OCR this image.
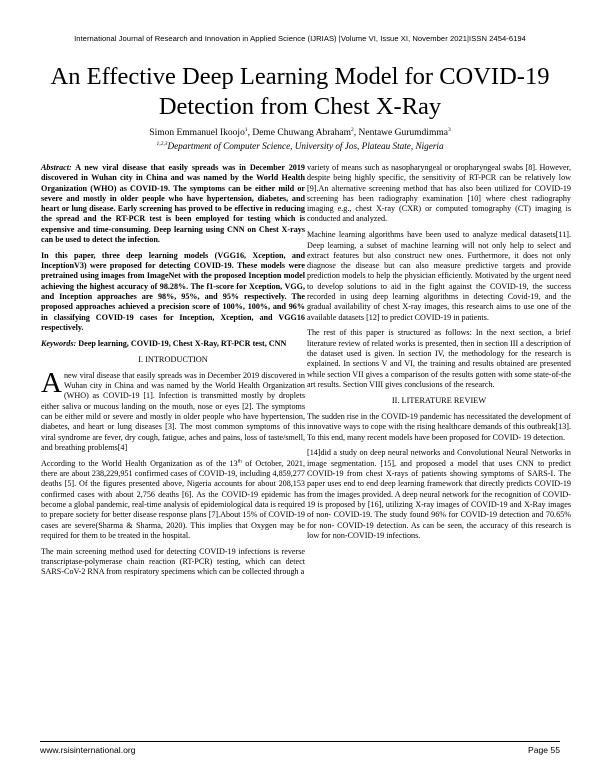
International Journal of Research and Innovation in Applied Science (IJRIAS) |Volume VI, Issue XI, November 2021|ISSN 2454-6194
An Effective Deep Learning Model for COVID-19
Detection from Chest X-Ray
Simon Emmanuel Ikoojo$^1$, Deme Chuwang Abraham$^2$, Nentawe Gurumdimma$^3$
$^{1,2,3}$Department of Computer Science, University of Jos, Plateau State, Nigeria

Abstract: A new viral disease that easily spreads was in December 2019 discovered in Wuhan city in China and was named by the World Health Organization (WHO) as COVID-19. The symptoms can be either mild or severe and mostly in older people who have hypertension, diabetes, and heart or lung disease. Early screening has proved to be effective in reducing the spread and the RT-PCR test is been employed for testing which is expensive and time-consuming. Deep learning using CNN on Chest X-rays can be used to detect the infection.

In this paper, three deep learning models (VGG16, Xception, and InceptionV3) were proposed for detecting COVID-19. These models were pretrained using images from ImageNet with the proposed Inception model achieving the highest accuracy of 98.28%. The f1-score for Xception, VGG, and Inception approaches are 98%, 95%, and 95% respectively. The proposed approaches achieved a precision score of 100%, 100%, and 96% in classifying COVID-19 cases for Inception, Xception, and VGG16 respectively.

Keywords: Deep learning, COVID-19, Chest X-Ray, RT-PCR test, CNN

I. INTRODUCTION

Anew viral disease that easily spreads was in December 2019 discovered in Wuhan city in China and was named by the World Health Organization (WHO) as COVID-19 [1]. Infection is transmitted mostly by droplets either saliva or mucous landing on the mouth, nose or eyes [2]. The symptoms can be either mild or severe and mostly in older people who have hypertension, diabetes, and heart or lung diseases [3]. The most common symptoms of this viral syndrome are fever, dry cough, fatigue, aches and pains, loss of taste/smell, and breathing problems[4]

According to the World Health Organization as of the 13th of October, 2021, there are about 238,229,951 confirmed cases of COVID-19, including 4,859,277 deaths [5]. Of the figures presented above, Nigeria accounts for about 208,153 confirmed cases with about 2,756 deaths [6]. As the COVID-19 epidemic has become a global pandemic, real-time analysis of epidemiological data is required to prepare society for better disease response plans [7].About 15% of COVID-19 cases are severe(Sharma & Sharma, 2020). This implies that Oxygen may be required for them to be treated in the hospital.

The main screening method used for detecting COVID-19 infections is reverse transcriptase-polymerase chain reaction (RT-PCR) testing, which can detect SARS-CoV-2 RNA from respiratory specimens which can be collected through a

variety of means such as nasopharyngeal or oropharyngeal swabs [8]. However, despite being highly specific, the sensitivity of RT-PCR can be relatively low [9].An alternative screening method that has also been utilized for COVID-19 screening has been radiography examination [10] where chest radiography imaging e.g., chest X-ray (CXR) or computed tomography (CT) imaging is conducted and analyzed.

Machine learning algorithms have been used to analyze medical datasets[11]. Deep learning, a subset of machine learning will not only help to select and extract features but also construct new ones. Furthermore, it does not only diagnose the disease but can also measure predictive targets and provide prediction models to help the physician efficiently. Motivated by the urgent need to develop solutions to aid in the fight against the COVID-19, the success recorded in using deep learning algorithms in detecting Covid-19, and the gradual availability of chest X-ray images, this research aims to use one of the available datasets [12] to predict COVID-19 in patients.

The rest of this paper is structured as follows: In the next section, a brief literature review of related works is presented, then in section III a description of the dataset used is given. In section IV, the methodology for the research is explained. In sections V and VI, the training and results obtained are presented while section VII gives a comparison of the results gotten with some state-of-the art results. Section VIII gives conclusions of the research.

II. LITERATURE REVIEW

The sudden rise in the COVID-19 pandemic has necessitated the development of innovative ways to cope with the rising healthcare demands of this outbreak[13]. To this end, many recent models have been proposed for COVID- 19 detection.

[14]did a study on deep neural networks and Convolutional Neural Networks in image segmentation. [15], and proposed a model that uses CNN to predict COVID-19 from chest X-rays of patients showing symptoms of SARS-I. The paper uses end to end deep learning framework that directly predicts COVID-19 from the images provided. A deep neural network for the recognition of COVID-19 is proposed by [16], utilizing X-ray images of COVID-19 and X-Ray images of non- COVID-19. The study found 96% for COVID-19 detection and 70.65% for non- COVID-19 detection. As can be seen, the accuracy of this research is low for non-COVID-19 infections.

www.rsisinternational.org	Page 55
